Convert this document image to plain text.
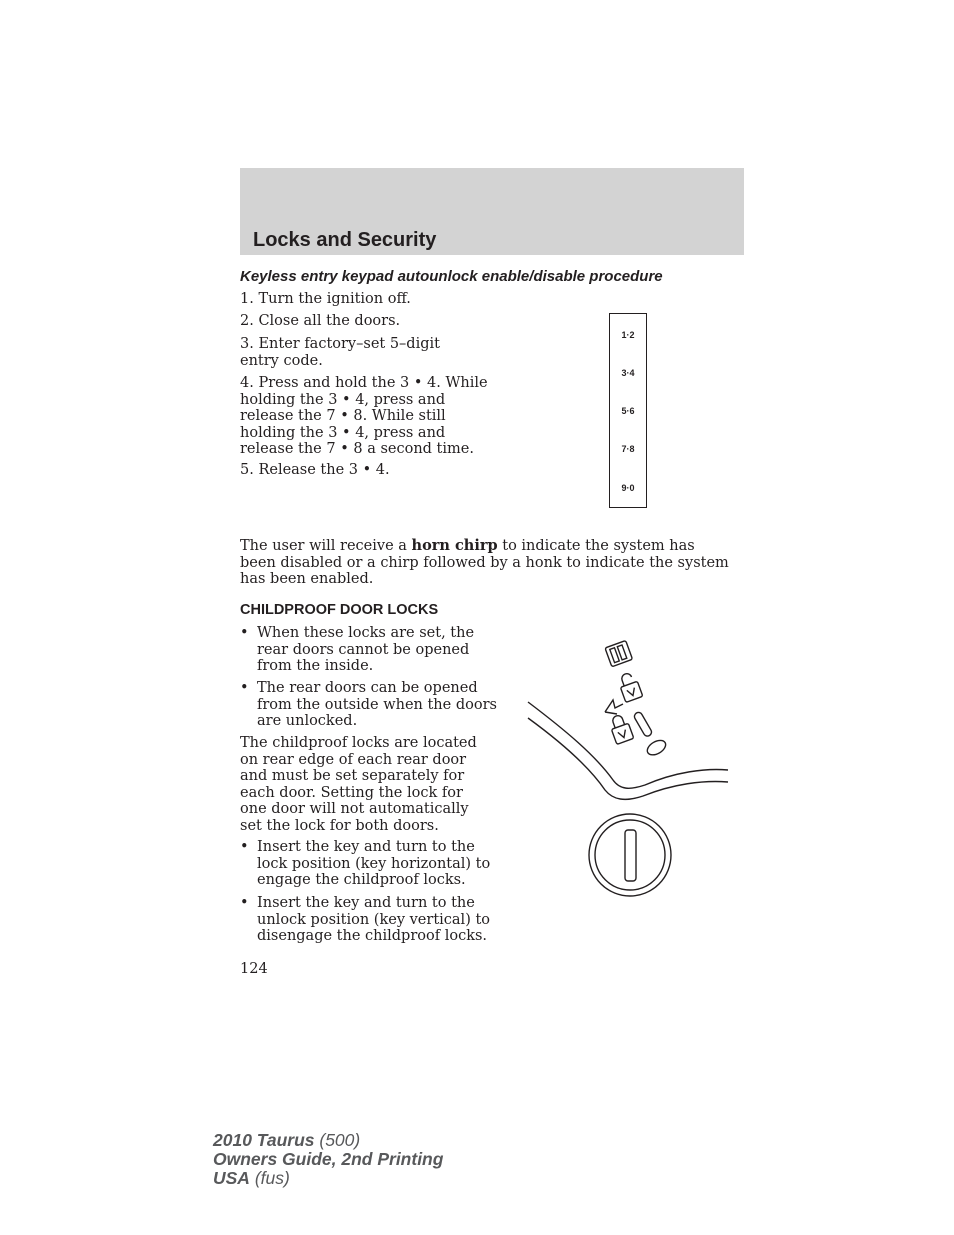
Locks and Security
Keyless entry keypad autounlock enable/disable procedure
1. Turn the ignition off.
2. Close all the doors.
3. Enter factory–set 5–digit entry code.
4. Press and hold the 3 • 4. While holding the 3 • 4, press and release the 7 • 8. While still holding the 3 • 4, press and release the 7 • 8 a second time.
5. Release the 3 • 4.
1·2
3·4
5·6
7·8
9·0
The user will receive a horn chirp to indicate the system has been disabled or a chirp followed by a honk to indicate the system has been enabled.
CHILDPROOF DOOR LOCKS
• When these locks are set, the rear doors cannot be opened from the inside.
• The rear doors can be opened from the outside when the doors are unlocked.
The childproof locks are located on rear edge of each rear door and must be set separately for each door. Setting the lock for one door will not automatically set the lock for both doors.
• Insert the key and turn to the lock position (key horizontal) to engage the childproof locks.
• Insert the key and turn to the unlock position (key vertical) to disengage the childproof locks.
124
2010 Taurus (500)
Owners Guide, 2nd Printing
USA (fus)
